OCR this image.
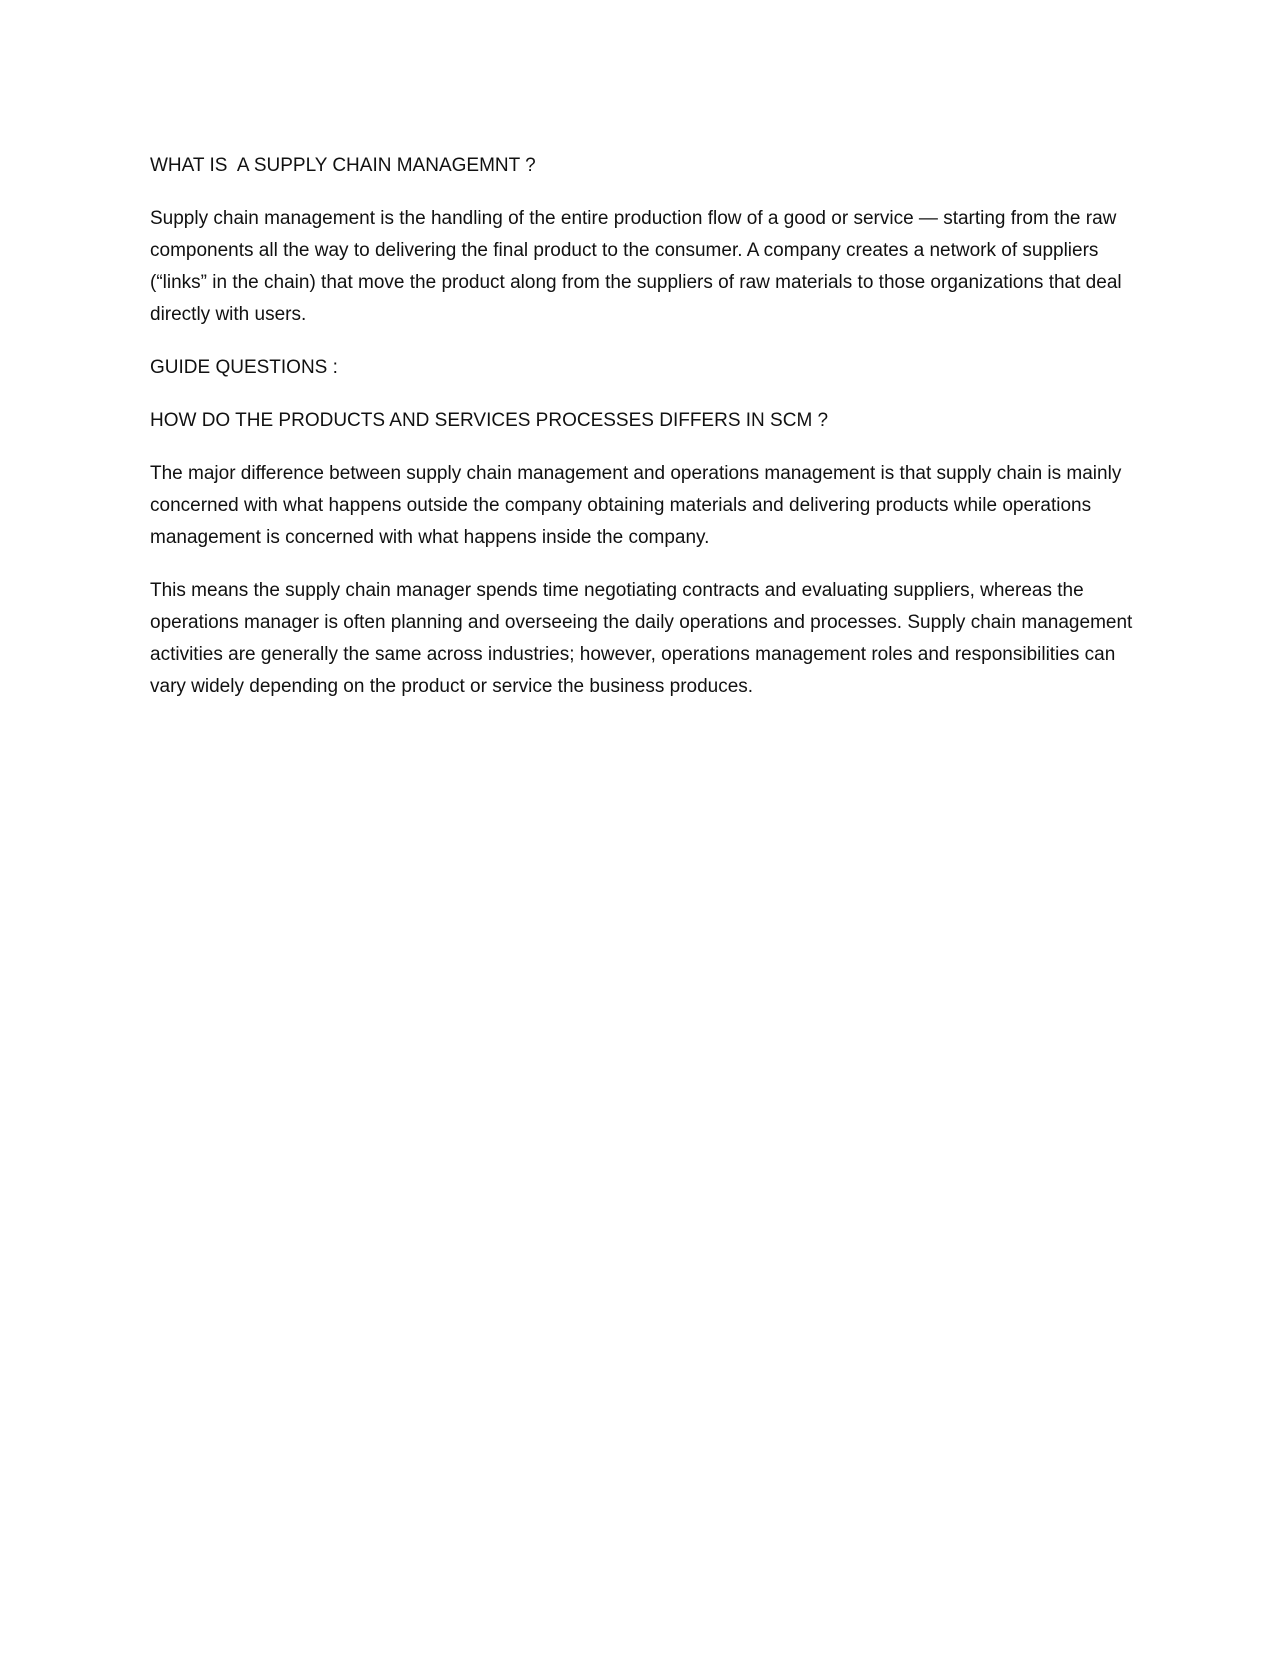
WHAT IS  A SUPPLY CHAIN MANAGEMNT ?

Supply chain management is the handling of the entire production flow of a good or service — starting from the raw components all the way to delivering the final product to the consumer. A company creates a network of suppliers (“links” in the chain) that move the product along from the suppliers of raw materials to those organizations that deal directly with users.

GUIDE QUESTIONS :

HOW DO THE PRODUCTS AND SERVICES PROCESSES DIFFERS IN SCM ?

The major difference between supply chain management and operations management is that supply chain is mainly concerned with what happens outside the company obtaining materials and delivering products while operations management is concerned with what happens inside the company.

This means the supply chain manager spends time negotiating contracts and evaluating suppliers, whereas the operations manager is often planning and overseeing the daily operations and processes. Supply chain management activities are generally the same across industries; however, operations management roles and responsibilities can vary widely depending on the product or service the business produces.
